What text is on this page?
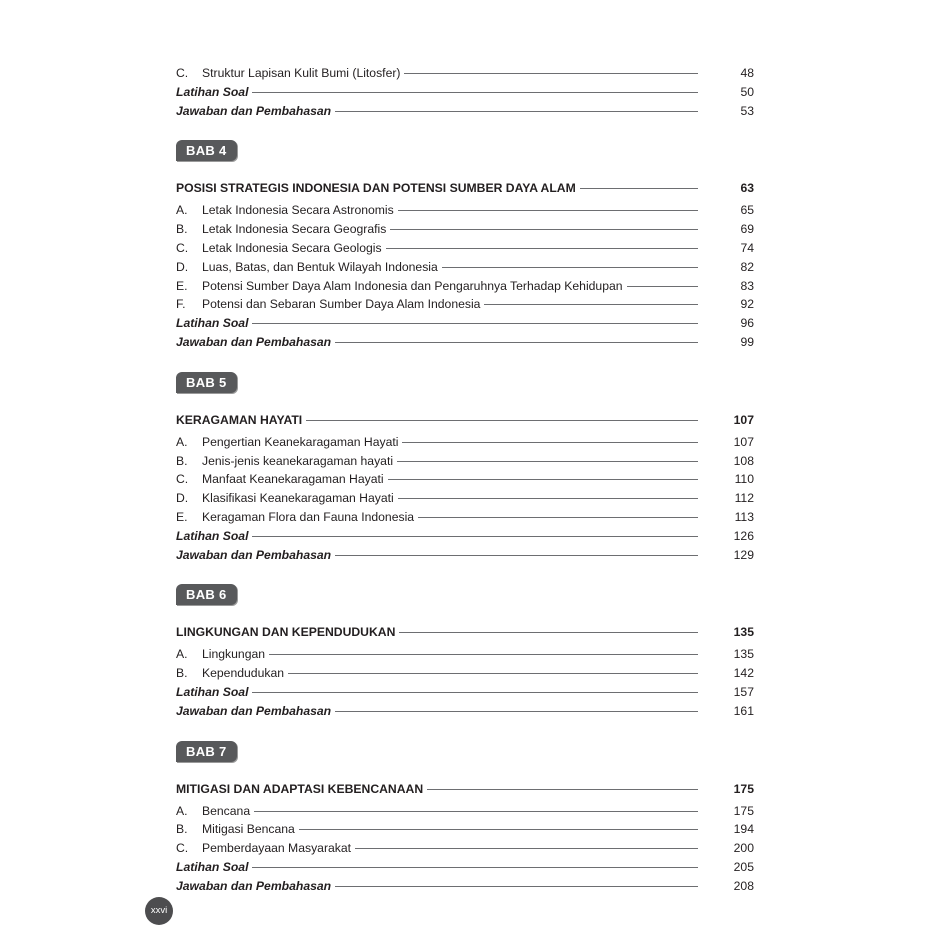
C.	Struktur Lapisan Kulit Bumi (Litosfer)	48
Latihan Soal	50
Jawaban dan Pembahasan	53
BAB 4
POSISI STRATEGIS INDONESIA DAN POTENSI SUMBER DAYA ALAM	63
A.	Letak Indonesia Secara Astronomis	65
B.	Letak Indonesia Secara Geografis	69
C.	Letak Indonesia Secara Geologis	74
D.	Luas, Batas, dan Bentuk Wilayah Indonesia	82
E.	Potensi Sumber Daya Alam Indonesia dan Pengaruhnya Terhadap Kehidupan	83
F.	Potensi dan Sebaran Sumber Daya Alam Indonesia	92
Latihan Soal	96
Jawaban dan Pembahasan	99
BAB 5
KERAGAMAN HAYATI	107
A.	Pengertian Keanekaragaman Hayati	107
B.	Jenis-jenis keanekaragaman hayati	108
C.	Manfaat Keanekaragaman Hayati	110
D.	Klasifikasi Keanekaragaman Hayati	112
E.	Keragaman Flora dan Fauna Indonesia	113
Latihan Soal	126
Jawaban dan Pembahasan	129
BAB 6
LINGKUNGAN DAN KEPENDUDUKAN	135
A.	Lingkungan	135
B.	Kependudukan	142
Latihan Soal	157
Jawaban dan Pembahasan	161
BAB 7
MITIGASI DAN ADAPTASI KEBENCANAAN	175
A.	Bencana	175
B.	Mitigasi Bencana	194
C.	Pemberdayaan Masyarakat	200
Latihan Soal	205
Jawaban dan Pembahasan	208
xxvi
